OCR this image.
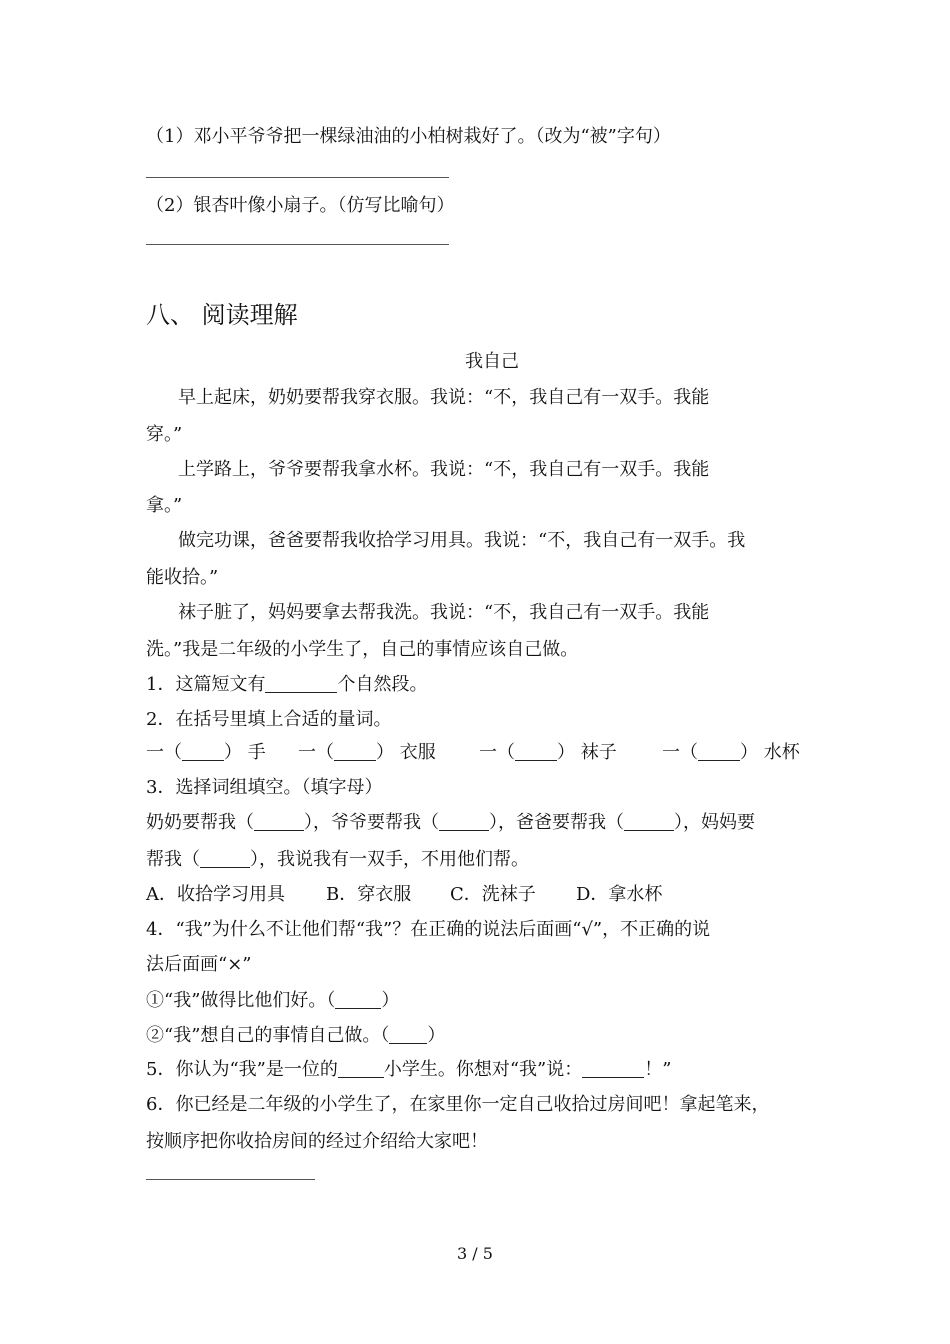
（1）邓小平爷爷把一棵绿油油的小柏树栽好了。（改为“被”字句）
（2）银杏叶像小扇子。（仿写比喻句）
八、 阅读理解
我自己
早上起床，奶奶要帮我穿衣服。我说：“不，我自己有一双手。我能
穿。”
上学路上，爷爷要帮我拿水杯。我说：“不，我自己有一双手。我能
拿。”
做完功课，爸爸要帮我收拾学习用具。我说：“不，我自己有一双手。我
能收拾。”
袜子脏了，妈妈要拿去帮我洗。我说：“不，我自己有一双手。我能
洗。”我是二年级的小学生了，自己的事情应该自己做。
1．这篇短文有	个自然段。
2．在括号里填上合适的量词。
一（ ） 手 一（ ） 衣服 一（ ） 袜子	一（ ） 水杯
3．选择词组填空。（填字母）
奶奶要帮我（	），爷爷要帮我（	），爸爸要帮我（	），妈妈要
帮我（	），我说我有一双手，不用他们帮。
A．收拾学习用具 B．穿衣服 C．洗袜子 D．拿水杯
4．“我”为什么不让他们帮“我”？在正确的说法后面画“√”，不正确的说
法后面画“×”
①“我”做得比他们好。（	）
②“我”想自己的事情自己做。（ ）
5．你认为“我”是一位的	小学生。你想对“我”说：	！”
6．你已经是二年级的小学生了，在家里你一定自己收拾过房间吧！拿起笔来，
按顺序把你收拾房间的经过介绍给大家吧！
3 / 5
